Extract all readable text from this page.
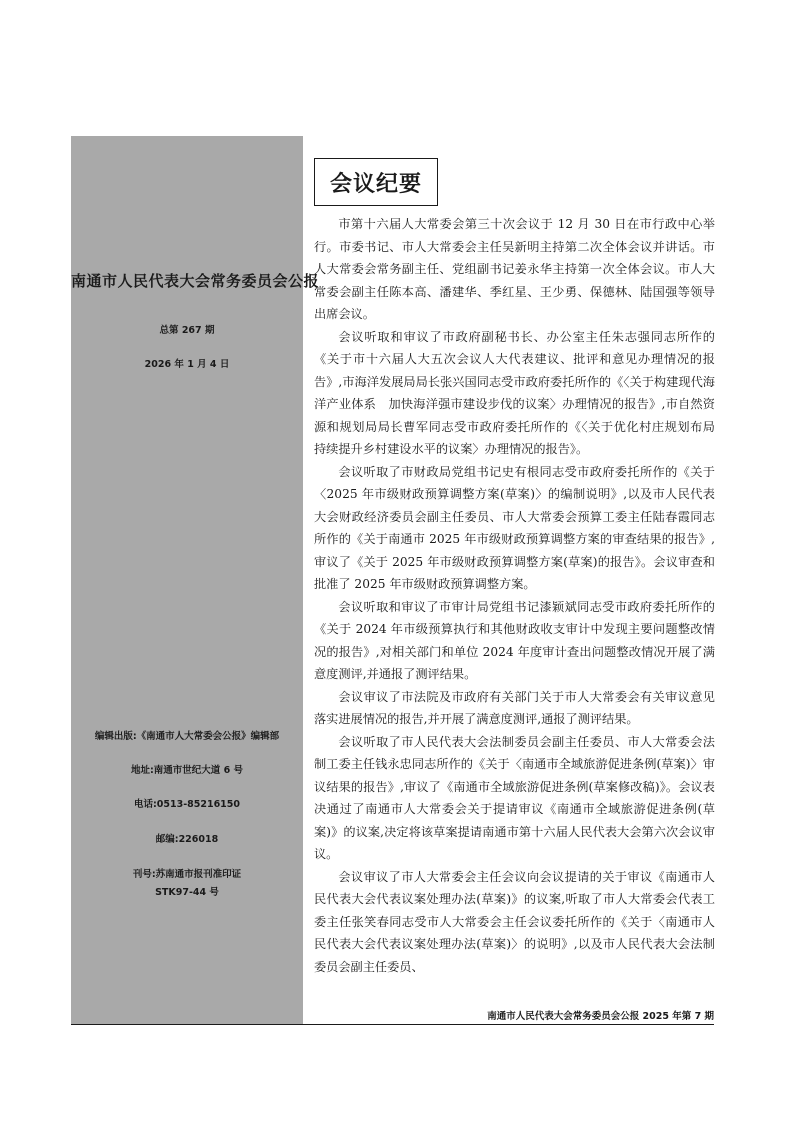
南通市人民代表大会常务委员会公报
总第 267 期
2026 年 1 月 4 日
编辑出版:《南通市人大常委会公报》编辑部
地址:南通市世纪大道 6 号
电话:0513-85216150
邮编:226018
刊号:苏南通市报刊准印证
STK97-44 号
会议纪要

市第十六届人大常委会第三十次会议于 12 月 30 日在市行政中心举行。市委书记、市人大常委会主任吴新明主持第二次全体会议并讲话。市人大常委会常务副主任、党组副书记姜永华主持第一次全体会议。市人大常委会副主任陈本高、潘建华、季红星、王少勇、保德林、陆国强等领导出席会议。

会议听取和审议了市政府副秘书长、办公室主任朱志强同志所作的《关于市十六届人大五次会议人大代表建议、批评和意见办理情况的报告》,市海洋发展局局长张兴国同志受市政府委托所作的《〈关于构建现代海洋产业体系　加快海洋强市建设步伐的议案〉办理情况的报告》,市自然资源和规划局局长曹军同志受市政府委托所作的《〈关于优化村庄规划布局　持续提升乡村建设水平的议案〉办理情况的报告》。

会议听取了市财政局党组书记史有根同志受市政府委托所作的《关于〈2025 年市级财政预算调整方案(草案)〉的编制说明》,以及市人民代表大会财政经济委员会副主任委员、市人大常委会预算工委主任陆春霞同志所作的《关于南通市 2025 年市级财政预算调整方案的审查结果的报告》,审议了《关于 2025 年市级财政预算调整方案(草案)的报告》。会议审查和批准了 2025 年市级财政预算调整方案。

会议听取和审议了市审计局党组书记漆颖斌同志受市政府委托所作的《关于 2024 年市级预算执行和其他财政收支审计中发现主要问题整改情况的报告》,对相关部门和单位 2024 年度审计查出问题整改情况开展了满意度测评,并通报了测评结果。

会议审议了市法院及市政府有关部门关于市人大常委会有关审议意见落实进展情况的报告,并开展了满意度测评,通报了测评结果。

会议听取了市人民代表大会法制委员会副主任委员、市人大常委会法制工委主任钱永忠同志所作的《关于〈南通市全域旅游促进条例(草案)〉审议结果的报告》,审议了《南通市全域旅游促进条例(草案修改稿)》。会议表决通过了南通市人大常委会关于提请审议《南通市全域旅游促进条例(草案)》的议案,决定将该草案提请南通市第十六届人民代表大会第六次会议审议。

会议审议了市人大常委会主任会议向会议提请的关于审议《南通市人民代表大会代表议案处理办法(草案)》的议案,听取了市人大常委会代表工委主任张笑春同志受市人大常委会主任会议委托所作的《关于〈南通市人民代表大会代表议案处理办法(草案)〉的说明》,以及市人民代表大会法制委员会副主任委员、

南通市人民代表大会常务委员会公报 2025 年第 7 期
